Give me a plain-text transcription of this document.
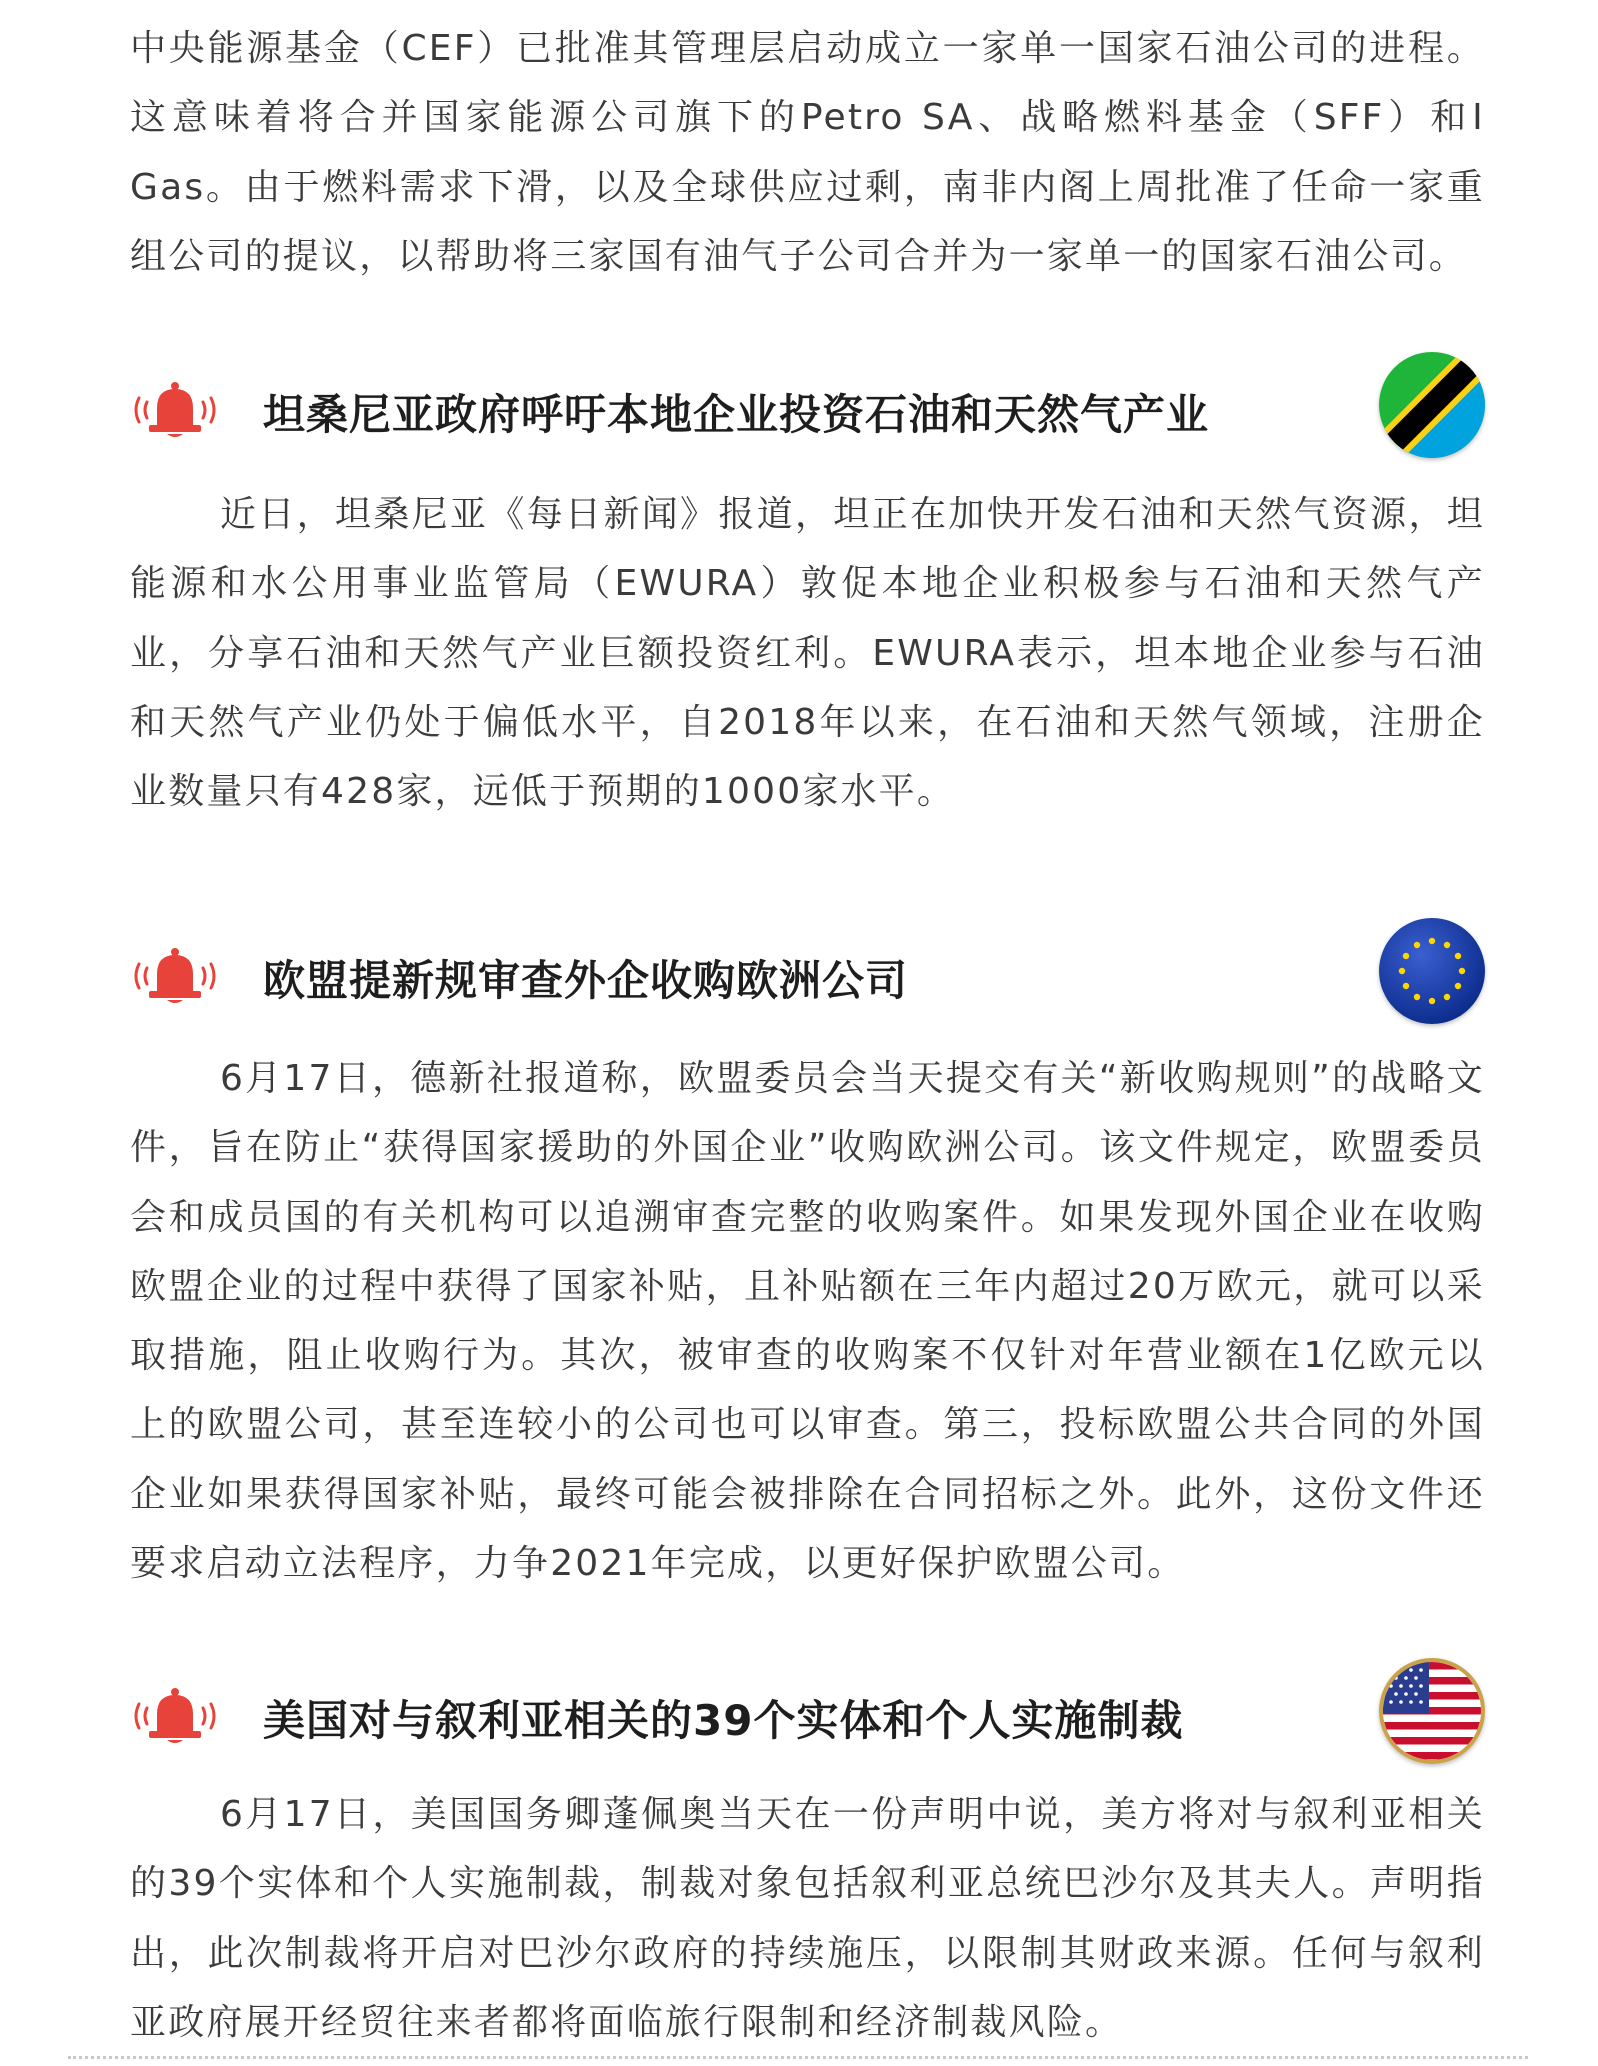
中央能源基金（CEF）已批准其管理层启动成立一家单一国家石油公司的进程。这意味着将合并国家能源公司旗下的Petro SA、战略燃料基金（SFF）和I Gas。由于燃料需求下滑，以及全球供应过剩，南非内阁上周批准了任命一家重组公司的提议，以帮助将三家国有油气子公司合并为一家单一的国家石油公司。

坦桑尼亚政府呼吁本地企业投资石油和天然气产业

近日，坦桑尼亚《每日新闻》报道，坦正在加快开发石油和天然气资源，坦能源和水公用事业监管局（EWURA）敦促本地企业积极参与石油和天然气产业，分享石油和天然气产业巨额投资红利。EWURA表示，坦本地企业参与石油和天然气产业仍处于偏低水平，自2018年以来，在石油和天然气领域，注册企业数量只有428家，远低于预期的1000家水平。

欧盟提新规审查外企收购欧洲公司

6月17日，德新社报道称，欧盟委员会当天提交有关“新收购规则”的战略文件，旨在防止“获得国家援助的外国企业”收购欧洲公司。该文件规定，欧盟委员会和成员国的有关机构可以追溯审查完整的收购案件。如果发现外国企业在收购欧盟企业的过程中获得了国家补贴，且补贴额在三年内超过20万欧元，就可以采取措施，阻止收购行为。其次，被审查的收购案不仅针对年营业额在1亿欧元以上的欧盟公司，甚至连较小的公司也可以审查。第三，投标欧盟公共合同的外国企业如果获得国家补贴，最终可能会被排除在合同招标之外。此外，这份文件还要求启动立法程序，力争2021年完成，以更好保护欧盟公司。

美国对与叙利亚相关的39个实体和个人实施制裁

6月17日，美国国务卿蓬佩奥当天在一份声明中说，美方将对与叙利亚相关的39个实体和个人实施制裁，制裁对象包括叙利亚总统巴沙尔及其夫人。声明指出，此次制裁将开启对巴沙尔政府的持续施压，以限制其财政来源。任何与叙利亚政府展开经贸往来者都将面临旅行限制和经济制裁风险。
